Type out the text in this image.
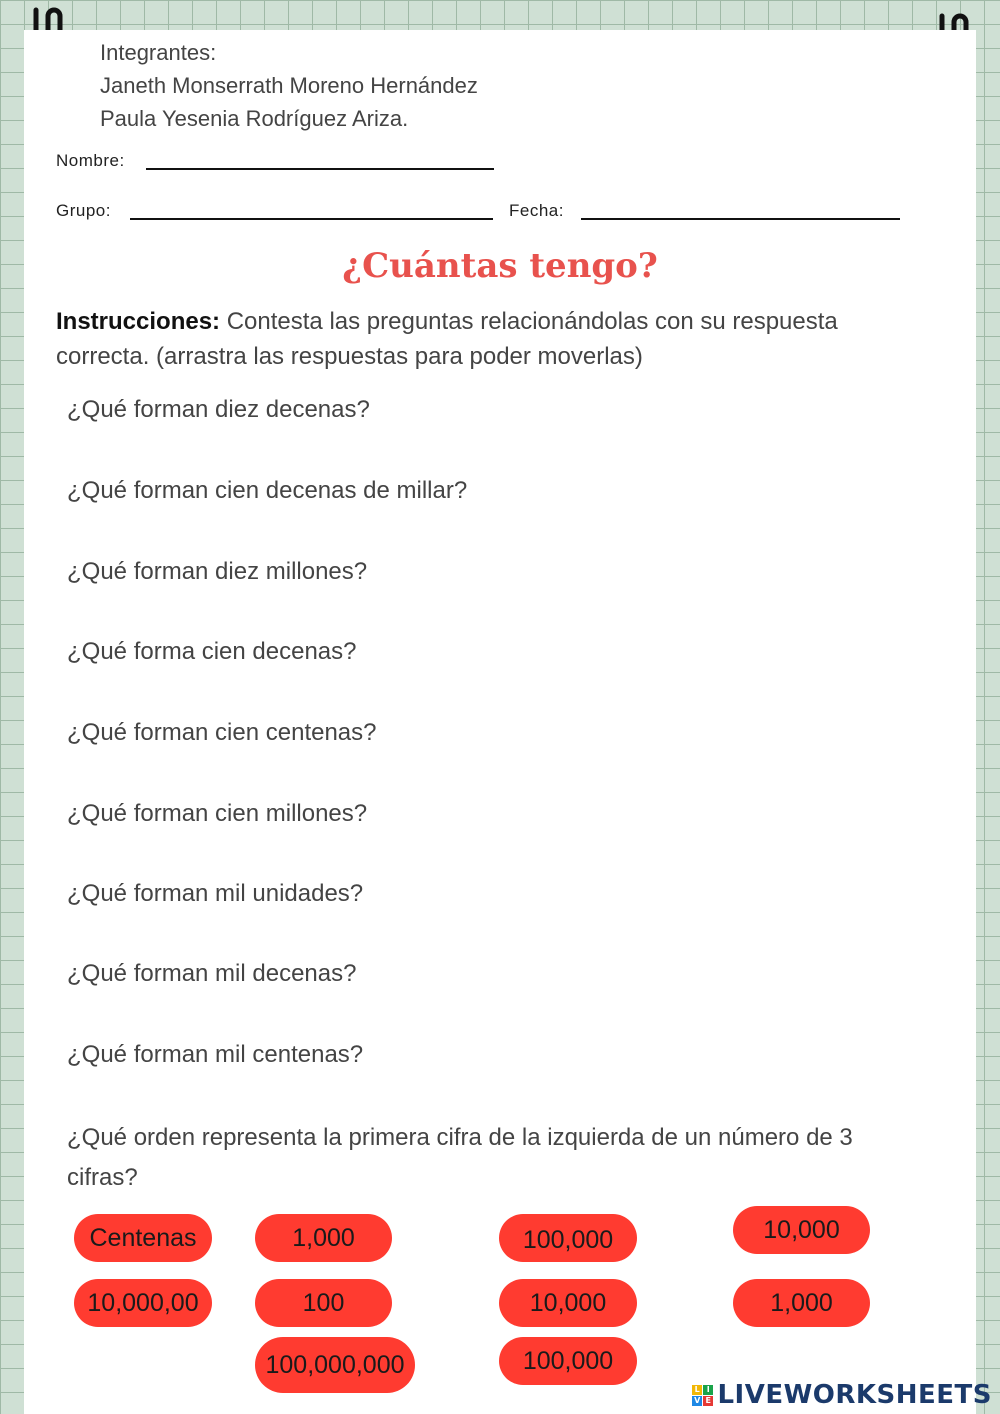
Integrantes:
Janeth Monserrath Moreno Hernández
Paula Yesenia Rodríguez Ariza.
Nombre:
Grupo:	Fecha:
¿Cuántas tengo?
Instrucciones: Contesta las preguntas relacionándolas con su respuesta correcta. (arrastra las respuestas para poder moverlas)
¿Qué forman diez decenas?
¿Qué forman cien decenas de millar?
¿Qué forman diez millones?
¿Qué forma cien decenas?
¿Qué forman cien centenas?
¿Qué forman cien millones?
¿Qué forman mil unidades?
¿Qué forman mil decenas?
¿Qué forman mil centenas?
¿Qué orden representa la primera cifra de la izquierda de un número de 3 cifras?
Centenas	1,000	100,000	10,000
10,000,00	100	10,000	1,000
100,000,000	100,000
L I
V E LIVEWORKSHEETS
